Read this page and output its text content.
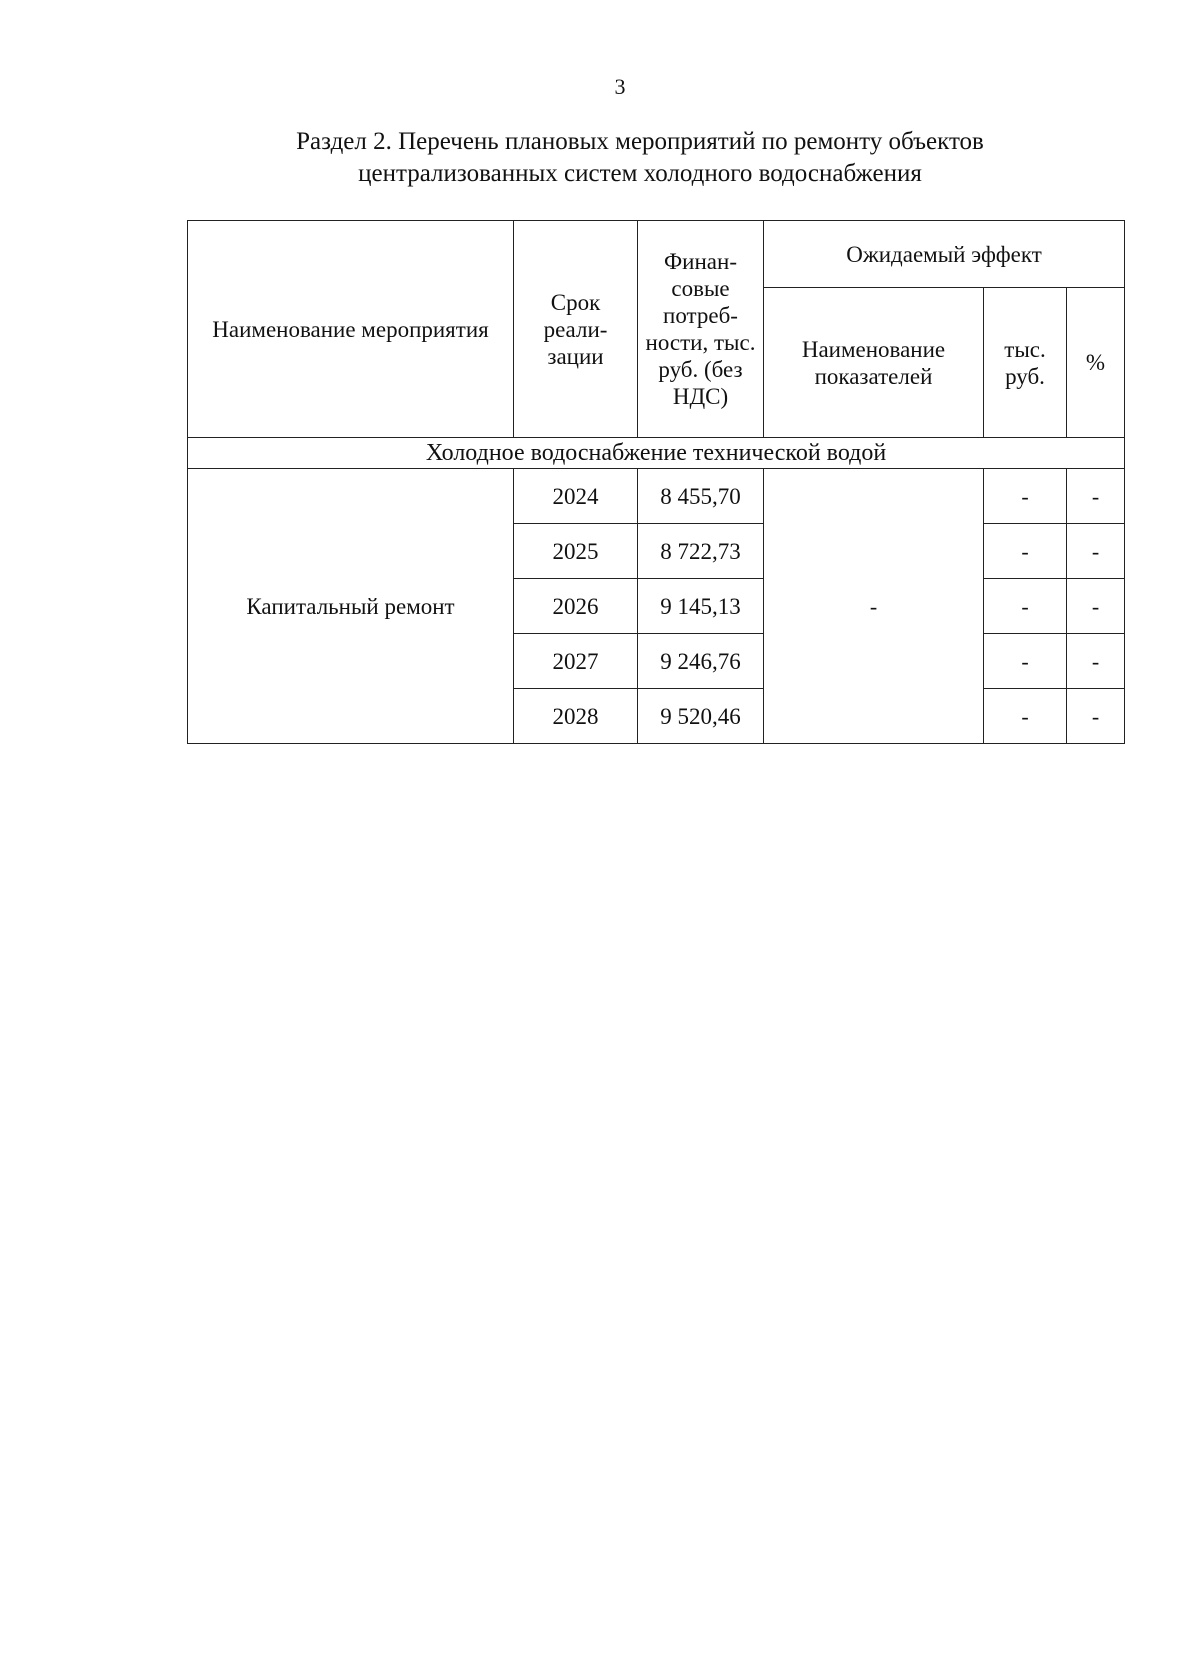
3
Раздел 2. Перечень плановых мероприятий по ремонту объектов
централизованных систем холодного водоснабжения
Наименование мероприятия	Срок реали-зации	Финан-совые потреб-ности, тыс. руб. (без НДС)	Ожидаемый эффект		
			Наименование показателей	тыс. руб.	%
Холодное водоснабжение технической водой					
Капитальный ремонт	2024	8 455,70	-	-	-
	2025	8 722,73		-	-
	2026	9 145,13		-	-
	2027	9 246,76		-	-
	2028	9 520,46		-	-
